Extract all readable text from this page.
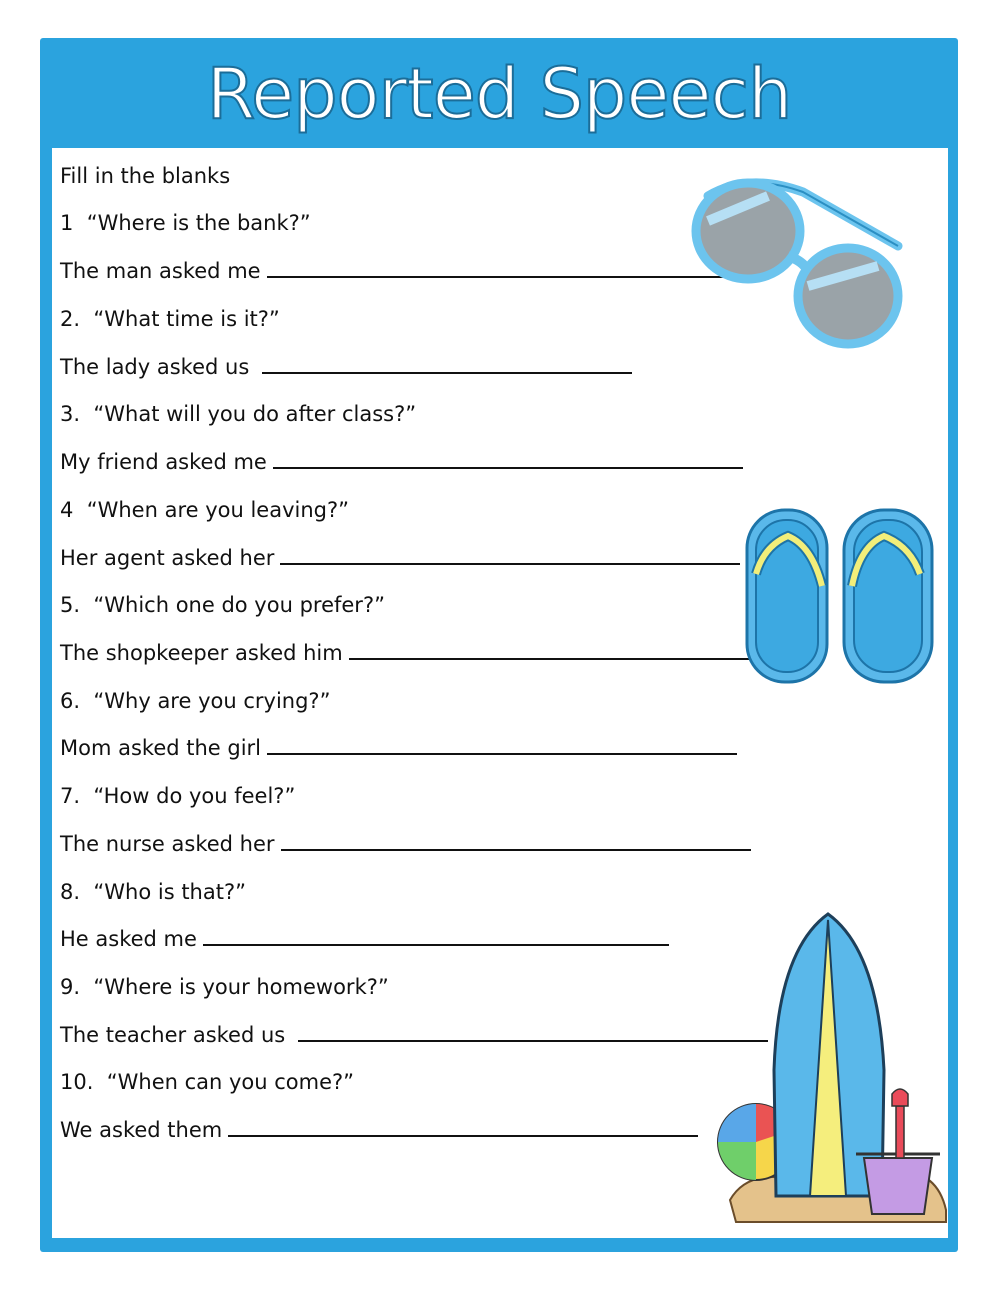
Reported Speech
Fill in the blanks
1  “Where is the bank?”
The man asked me
2.  “What time is it?”
The lady asked us
3.  “What will you do after class?”
My friend asked me
4  “When are you leaving?”
Her agent asked her
5.  “Which one do you prefer?”
The shopkeeper asked him
6.  “Why are you crying?”
Mom asked the girl
7.  “How do you feel?”
The nurse asked her
8.  “Who is that?”
He asked me
9.  “Where is your homework?”
The teacher asked us
10.  “When can you come?”
We asked them
